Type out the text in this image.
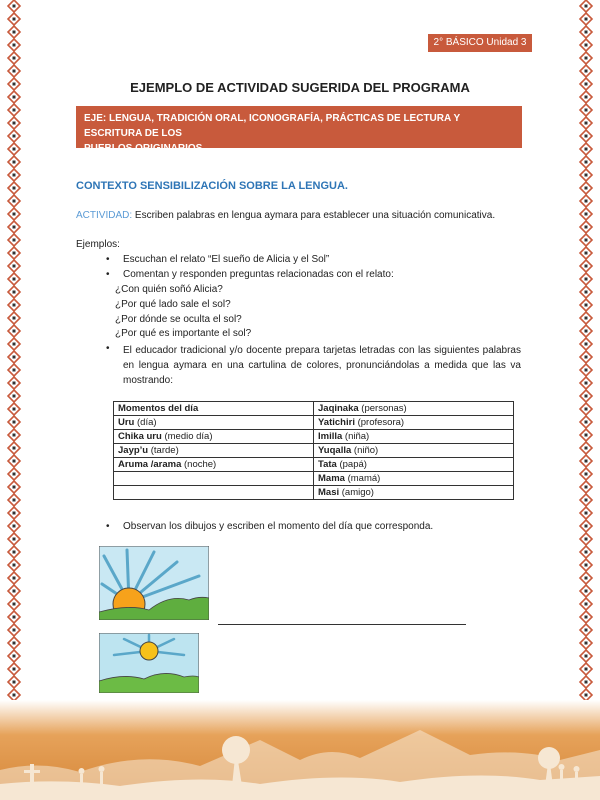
2° BÁSICO Unidad 3
EJEMPLO DE ACTIVIDAD SUGERIDA DEL PROGRAMA
EJE: LENGUA, TRADICIÓN ORAL, ICONOGRAFÍA, PRÁCTICAS DE LECTURA Y ESCRITURA DE LOS
PUEBLOS ORIGINARIOS.
CONTEXTO SENSIBILIZACIÓN SOBRE LA LENGUA.
ACTIVIDAD: Escriben palabras en lengua aymara para establecer una situación comunicativa.
Ejemplos:
• Escuchan el relato “El sueño de Alicia y el Sol”
• Comentan y responden preguntas relacionadas con el relato:
¿Con quién soñó Alicia?
¿Por qué lado sale el sol?
¿Por dónde se oculta el sol?
¿Por qué es importante el sol?
• El educador tradicional y/o docente prepara tarjetas letradas con las siguientes palabras en lengua aymara en una cartulina de colores, pronunciándolas a medida que las va mostrando:
Momentos del día	Jaqinaka (personas)
Uru (día)	Yatichiri (profesora)
Chika uru (medio día)	Imilla (niña)
Jayp’u (tarde)	Yuqalla (niño)
Aruma /arama (noche)	Tata (papá)
	Mama (mamá)
	Masi (amigo)
• Observan los dibujos y escriben el momento del día que corresponda.
